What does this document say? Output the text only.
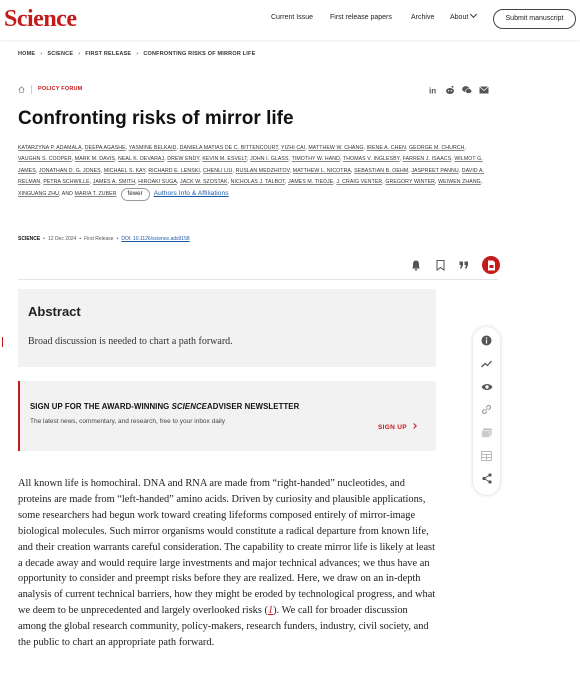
Science	Current Issue First release papers	Archive About	Submit manuscript
HOME › SCIENCE › FIRST RELEASE › CONFRONTING RISKS OF MIRROR LIFE
POLICY FORUM	in
Confronting risks of mirror life
KATARZYNA P. ADAMALA, DEEPA AGASHE, YASMINE BELKAID, DANIELA MATIAS DE C. BITTENCOURT, YIZHI CAI, MATTHEW W. CHANG, IRENE A. CHEN, GEORGE M. CHURCH, VAUGHN S. COOPER, MARK M. DAVIS, NEAL K. DEVARAJ, DREW ENDY, KEVIN M. ESVELT, JOHN I. GLASS, TIMOTHY W. HAND, THOMAS V. INGLESBY, FARREN J. ISAACS, WILMOT G. JAMES, JONATHAN D. G. JONES, MICHAEL S. KAY, RICHARD E. LENSKI, CHENLI LIU, RUSLAN MEDZHITOV, MATTHEW L. NICOTRA, SEBASTIAN B. OEHM, JASPREET PANNU, DAVID A. RELMAN, PETRA SCHWILLE, JAMES A. SMITH, HIROAKI SUGA, JACK W. SZOSTAK, NICHOLAS J. TALBOT, JAMES M. TIEDJE, J. CRAIG VENTER, GREGORY WINTER, WEIWEN ZHANG, XINGUANG ZHU, AND MARIA T. ZUBER fewer Authors Info & Affiliations
SCIENCE • 12 Dec 2024 • First Release • DOI: 10.1126/science.ads9158
Abstract

Broad discussion is needed to chart a path forward.

SIGN UP FOR THE AWARD-WINNING SCIENCEADVISER NEWSLETTER
The latest news, commentary, and research, free to your inbox daily
SIGN UP
All known life is homochiral. DNA and RNA are made from “right-handed” nucleotides, and proteins are made from “left-handed” amino acids. Driven by curiosity and plausible applications, some researchers had begun work toward creating lifeforms composed entirely of mirror-image biological molecules. Such mirror organisms would constitute a radical departure from known life, and their creation warrants careful consideration. The capability to create mirror life is likely at least a decade away and would require large investments and major technical advances; we thus have an opportunity to consider and preempt risks before they are realized. Here, we draw on an in-depth analysis of current technical barriers, how they might be eroded by technological progress, and what we deem to be unprecedented and largely overlooked risks (1). We call for broader discussion among the global research community, policy-makers, research funders, industry, civil society, and the public to chart an appropriate path forward.
